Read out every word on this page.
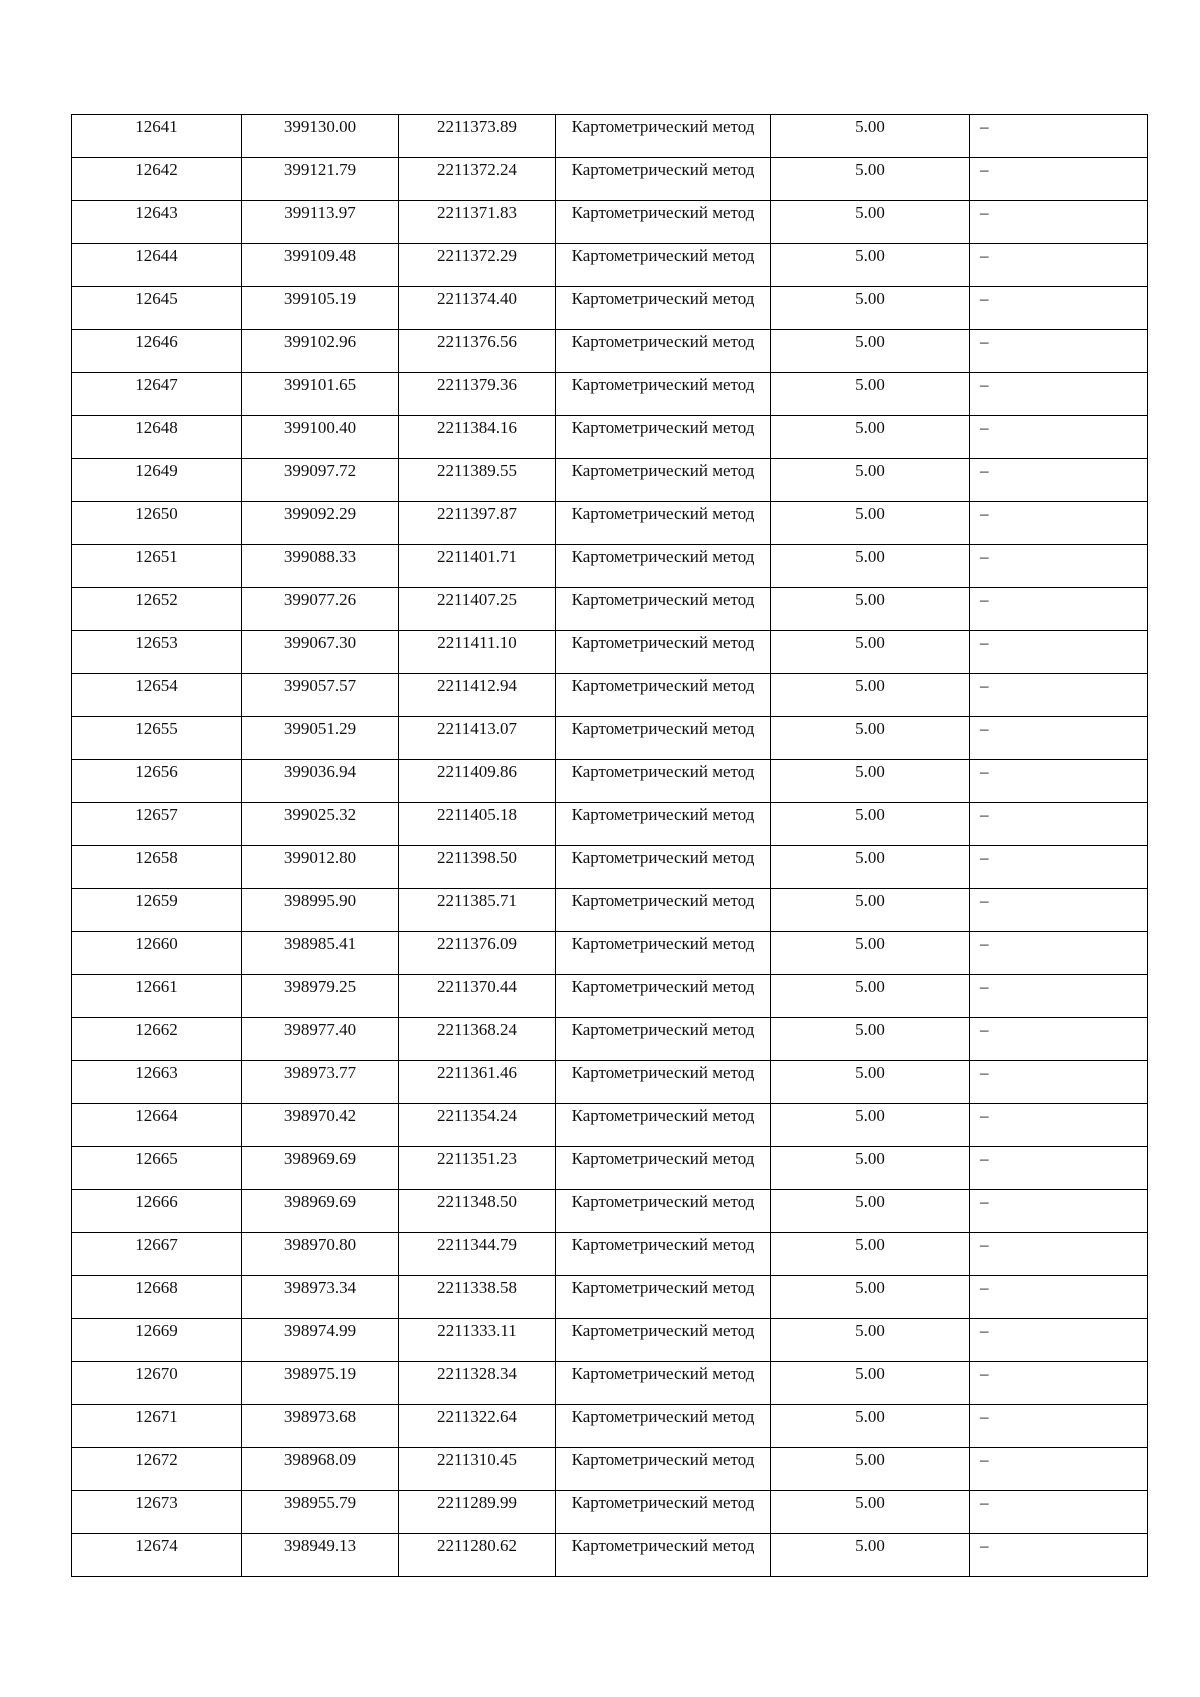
12641	399130.00	2211373.89	Картометрический метод	5.00	–

12642	399121.79	2211372.24	Картометрический метод	5.00	–

12643	399113.97	2211371.83	Картометрический метод	5.00	–

12644	399109.48	2211372.29	Картометрический метод	5.00	–

12645	399105.19	2211374.40	Картометрический метод	5.00	–

12646	399102.96	2211376.56	Картометрический метод	5.00	–

12647	399101.65	2211379.36	Картометрический метод	5.00	–

12648	399100.40	2211384.16	Картометрический метод	5.00	–

12649	399097.72	2211389.55	Картометрический метод	5.00	–

12650	399092.29	2211397.87	Картометрический метод	5.00	–

12651	399088.33	2211401.71	Картометрический метод	5.00	–

12652	399077.26	2211407.25	Картометрический метод	5.00	–

12653	399067.30	2211411.10	Картометрический метод	5.00	–

12654	399057.57	2211412.94	Картометрический метод	5.00	–

12655	399051.29	2211413.07	Картометрический метод	5.00	–

12656	399036.94	2211409.86	Картометрический метод	5.00	–

12657	399025.32	2211405.18	Картометрический метод	5.00	–

12658	399012.80	2211398.50	Картометрический метод	5.00	–

12659	398995.90	2211385.71	Картометрический метод	5.00	–

12660	398985.41	2211376.09	Картометрический метод	5.00	–

12661	398979.25	2211370.44	Картометрический метод	5.00	–

12662	398977.40	2211368.24	Картометрический метод	5.00	–

12663	398973.77	2211361.46	Картометрический метод	5.00	–

12664	398970.42	2211354.24	Картометрический метод	5.00	–

12665	398969.69	2211351.23	Картометрический метод	5.00	–

12666	398969.69	2211348.50	Картометрический метод	5.00	–

12667	398970.80	2211344.79	Картометрический метод	5.00	–

12668	398973.34	2211338.58	Картометрический метод	5.00	–

12669	398974.99	2211333.11	Картометрический метод	5.00	–

12670	398975.19	2211328.34	Картометрический метод	5.00	–

12671	398973.68	2211322.64	Картометрический метод	5.00	–

12672	398968.09	2211310.45	Картометрический метод	5.00	–

12673	398955.79	2211289.99	Картометрический метод	5.00	–

12674	398949.13	2211280.62	Картометрический метод	5.00	–
